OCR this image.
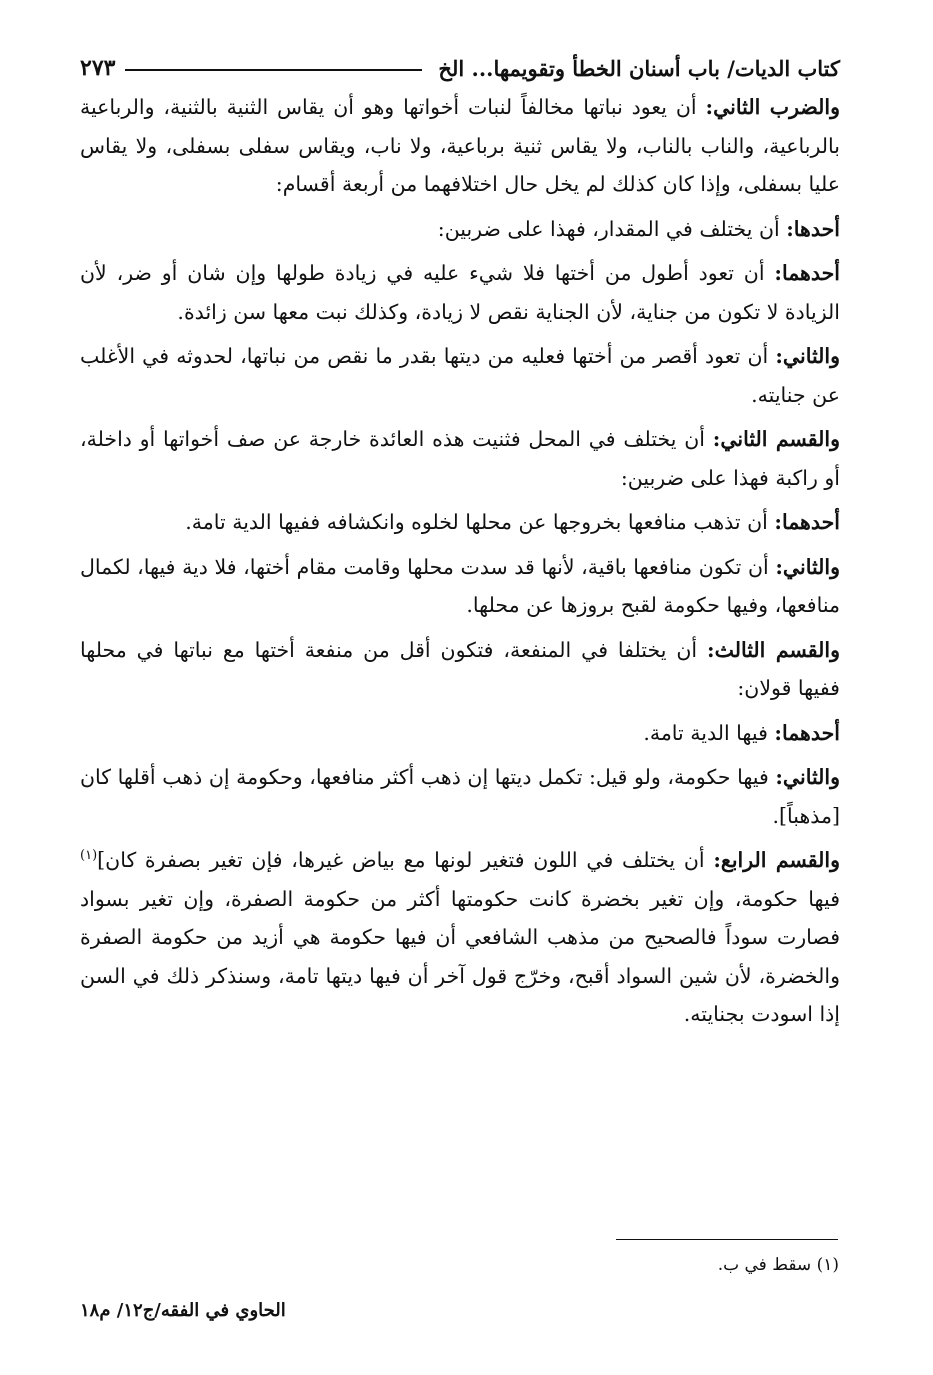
كتاب الديات/ باب أسنان الخطأ وتقويمها... الخ
٢٧٣

والضرب الثاني: أن يعود نباتها مخالفاً لنبات أخواتها وهو أن يقاس الثنية بالثنية، والرباعية بالرباعية، والناب بالناب، ولا يقاس ثنية برباعية، ولا ناب، ويقاس سفلى بسفلى، ولا يقاس عليا بسفلى، وإذا كان كذلك لم يخل حال اختلافهما من أربعة أقسام:

أحدها: أن يختلف في المقدار، فهذا على ضربين:

أحدهما: أن تعود أطول من أختها فلا شيء عليه في زيادة طولها وإن شان أو ضر، لأن الزيادة لا تكون من جناية، لأن الجناية نقص لا زيادة، وكذلك نبت معها سن زائدة.

والثاني: أن تعود أقصر من أختها فعليه من ديتها بقدر ما نقص من نباتها، لحدوثه في الأغلب عن جنايته.

والقسم الثاني: أن يختلف في المحل فثنيت هذه العائدة خارجة عن صف أخواتها أو داخلة، أو راكبة فهذا على ضربين:

أحدهما: أن تذهب منافعها بخروجها عن محلها لخلوه وانكشافه ففيها الدية تامة.

والثاني: أن تكون منافعها باقية، لأنها قد سدت محلها وقامت مقام أختها، فلا دية فيها، لكمال منافعها، وفيها حكومة لقبح بروزها عن محلها.

والقسم الثالث: أن يختلفا في المنفعة، فتكون أقل من منفعة أختها مع نباتها في محلها ففيها قولان:

أحدهما: فيها الدية تامة.

والثاني: فيها حكومة، ولو قيل: تكمل ديتها إن ذهب أكثر منافعها، وحكومة إن ذهب أقلها كان [مذهباً].

والقسم الرابع: أن يختلف في اللون فتغير لونها مع بياض غيرها، فإن تغير بصفرة كان]$^{(١)}$ فيها حكومة، وإن تغير بخضرة كانت حكومتها أكثر من حكومة الصفرة، وإن تغير بسواد فصارت سوداً فالصحيح من مذهب الشافعي أن فيها حكومة هي أزيد من حكومة الصفرة والخضرة، لأن شين السواد أقبح، وخرّج قول آخر أن فيها ديتها تامة، وسنذكر ذلك في السن إذا اسودت بجنايته.

(١) سقط في ب.
الحاوي في الفقه/ج١٢/ م١٨
